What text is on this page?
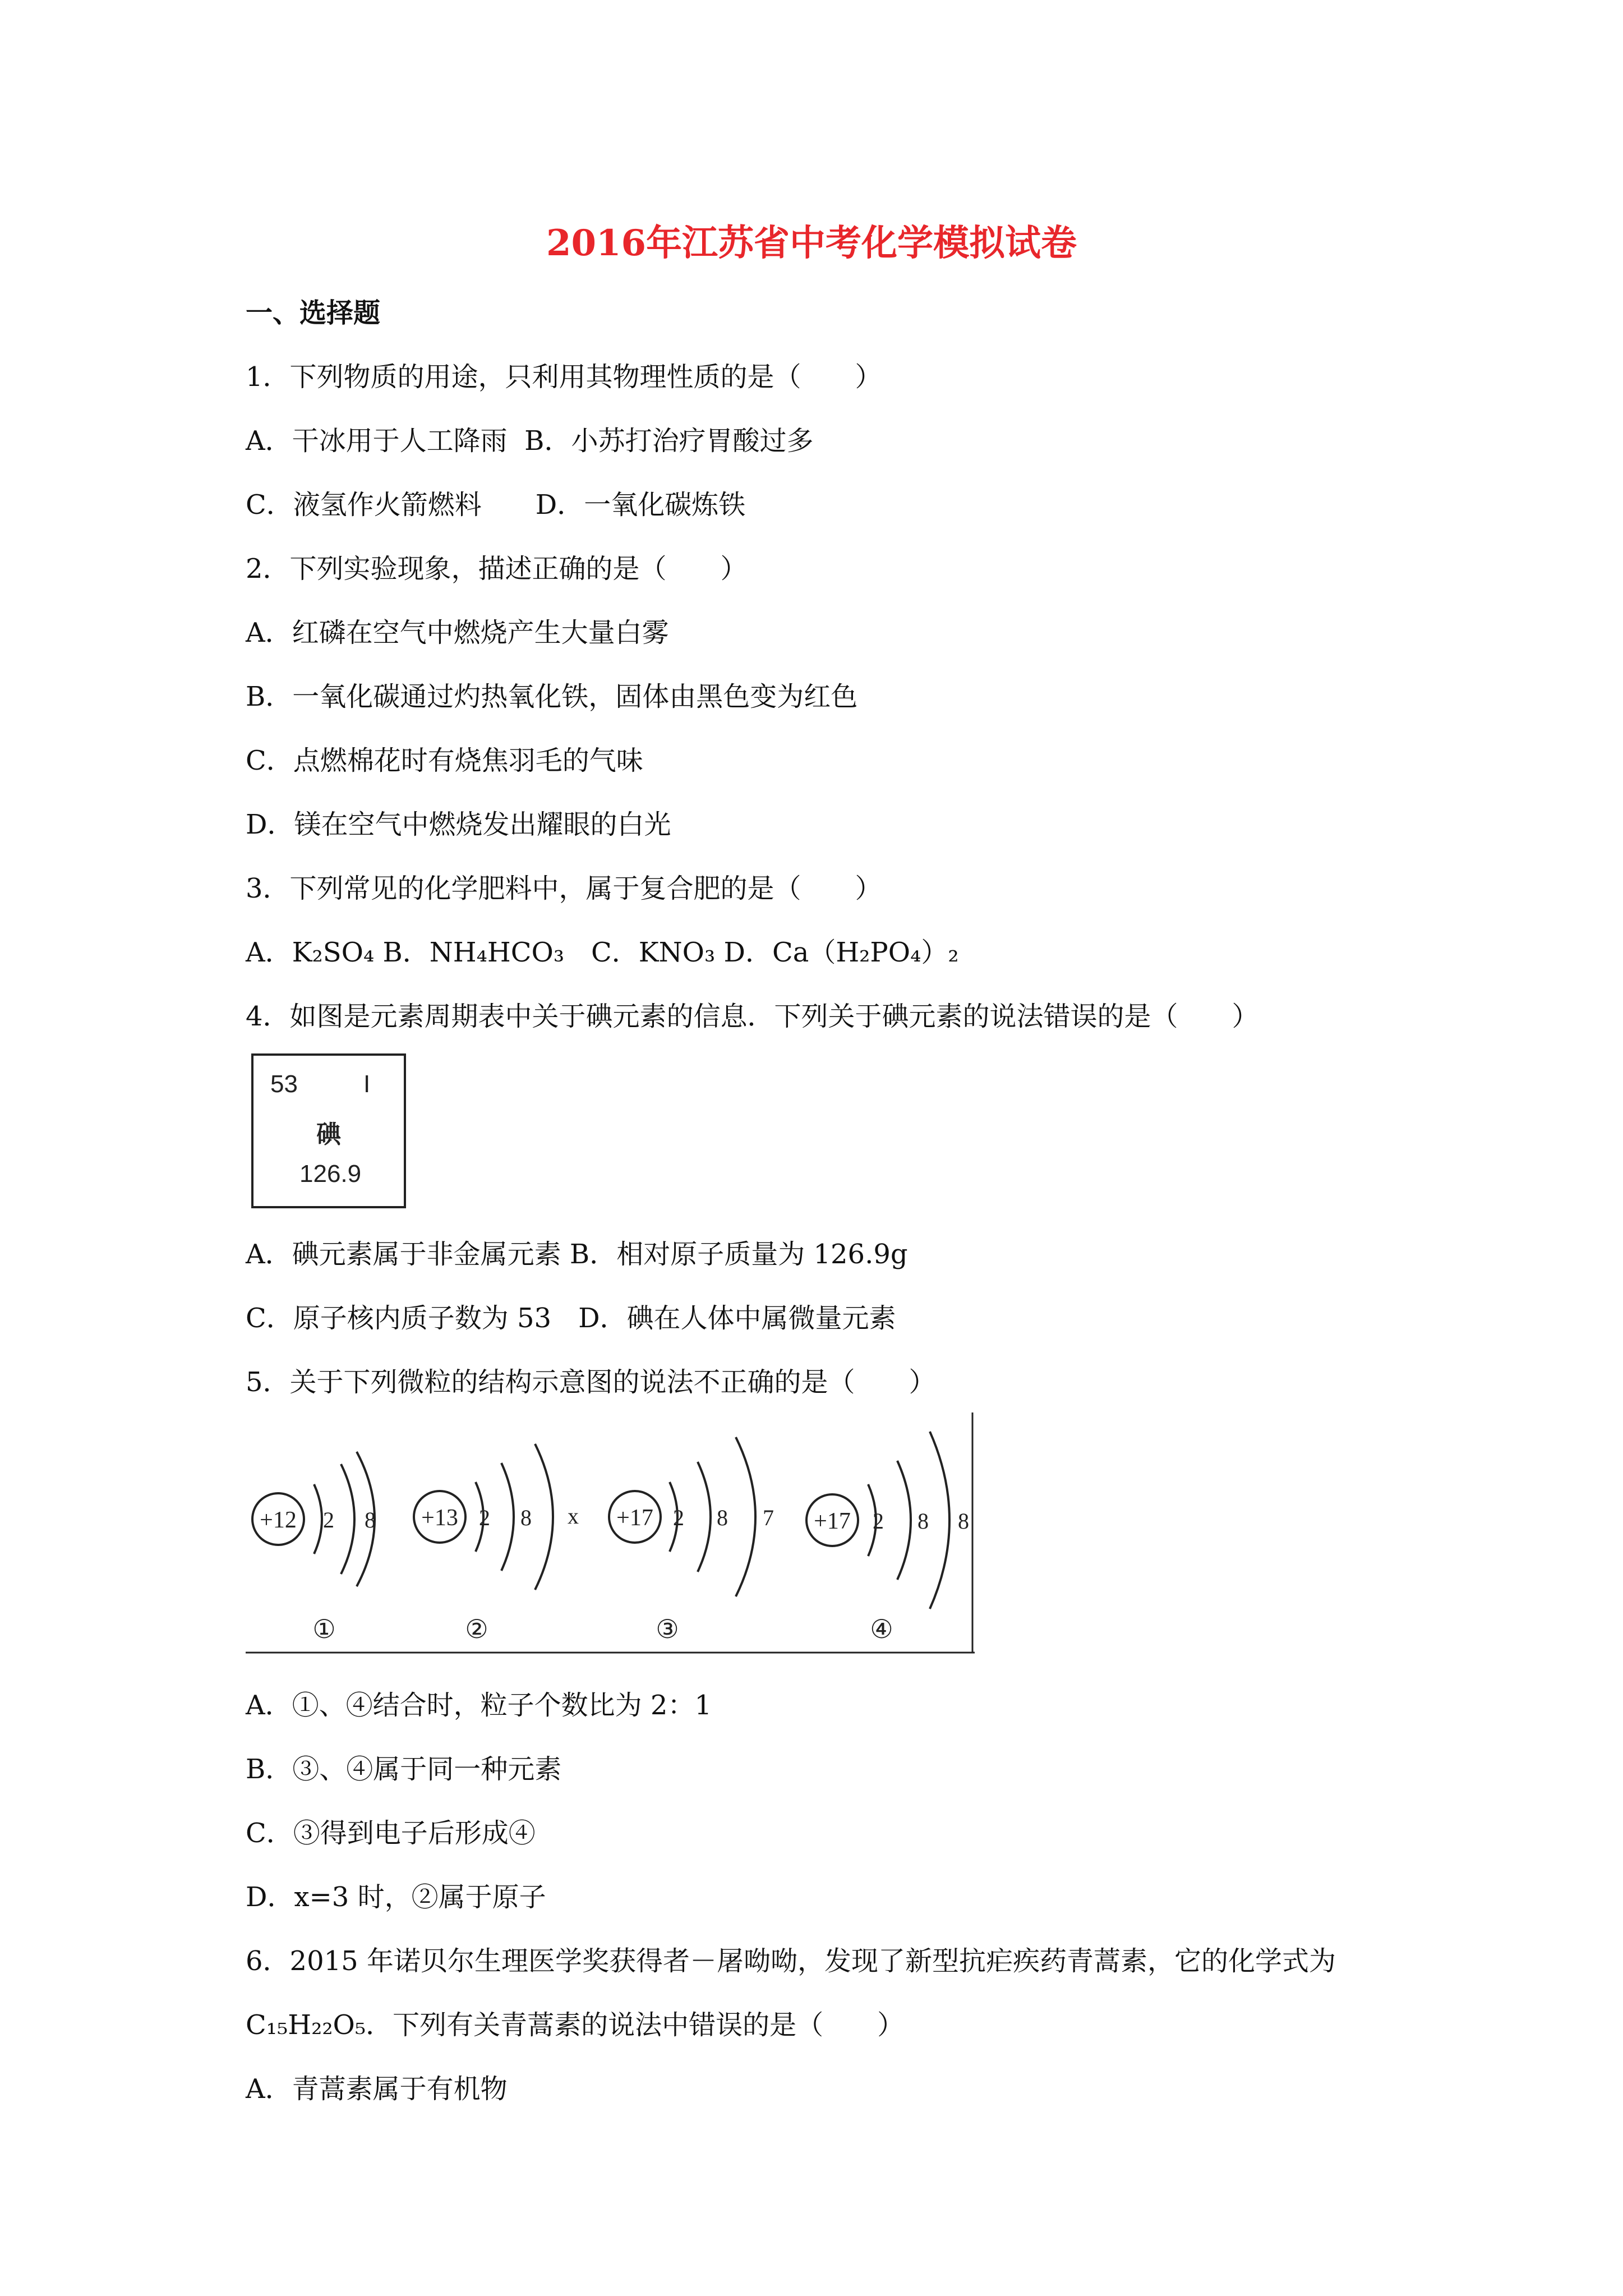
2016年江苏省中考化学模拟试卷
一、选择题
1．下列物质的用途，只利用其物理性质的是（　　）
A．干冰用于人工降雨  B．小苏打治疗胃酸过多
C．液氢作火箭燃料　　D．一氧化碳炼铁
2．下列实验现象，描述正确的是（　　）
A．红磷在空气中燃烧产生大量白雾
B．一氧化碳通过灼热氧化铁，固体由黑色变为红色
C．点燃棉花时有烧焦羽毛的气味
D．镁在空气中燃烧发出耀眼的白光
3．下列常见的化学肥料中，属于复合肥的是（　　）
A．K₂SO₄ B．NH₄HCO₃　C．KNO₃ D．Ca（H₂PO₄）₂
4．如图是元素周期表中关于碘元素的信息．下列关于碘元素的说法错误的是（　　）
53	I
碘
126.9
A．碘元素属于非金属元素 B．相对原子质量为 126.9g
C．原子核内质子数为 53　D．碘在人体中属微量元素
5．关于下列微粒的结构示意图的说法不正确的是（　　）
+12 2 8
①
+13 2 8 x
②
+17 2 8 7
③
+17 2 8 8
④
A．①、④结合时，粒子个数比为 2：1
B．③、④属于同一种元素
C．③得到电子后形成④
D．x=3 时，②属于原子
6．2015 年诺贝尔生理医学奖获得者－屠呦呦，发现了新型抗疟疾药青蒿素，它的化学式为
C₁₅H₂₂O₅．下列有关青蒿素的说法中错误的是（　　）
A．青蒿素属于有机物
